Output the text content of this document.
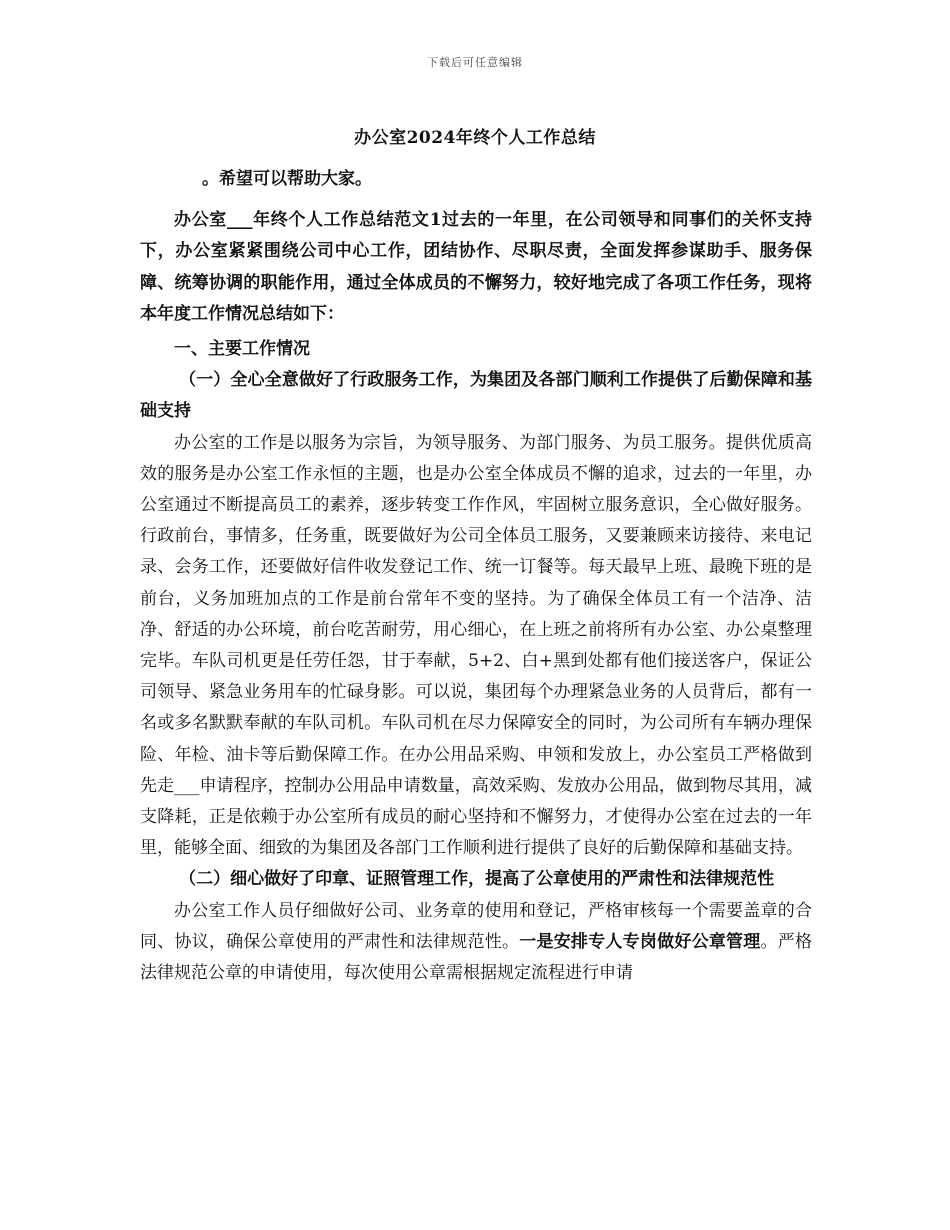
下载后可任意编辑
办公室2024年终个人工作总结

。希望可以帮助大家。

办公室___年终个人工作总结范文1过去的一年里，在公司领导和同事们的关怀支持下，办公室紧紧围绕公司中心工作，团结协作、尽职尽责，全面发挥参谋助手、服务保障、统筹协调的职能作用，通过全体成员的不懈努力，较好地完成了各项工作任务，现将本年度工作情况总结如下：

一、主要工作情况

（一）全心全意做好了行政服务工作，为集团及各部门顺利工作提供了后勤保障和基础支持

办公室的工作是以服务为宗旨，为领导服务、为部门服务、为员工服务。提供优质高效的服务是办公室工作永恒的主题，也是办公室全体成员不懈的追求，过去的一年里，办公室通过不断提高员工的素养，逐步转变工作作风，牢固树立服务意识，全心做好服务。行政前台，事情多，任务重，既要做好为公司全体员工服务，又要兼顾来访接待、来电记录、会务工作，还要做好信件收发登记工作、统一订餐等。每天最早上班、最晚下班的是前台，义务加班加点的工作是前台常年不变的坚持。为了确保全体员工有一个洁净、洁净、舒适的办公环境，前台吃苦耐劳，用心细心，在上班之前将所有办公室、办公桌整理完毕。车队司机更是任劳任怨，甘于奉献，5+2、白+黑到处都有他们接送客户，保证公司领导、紧急业务用车的忙碌身影。可以说，集团每个办理紧急业务的人员背后，都有一名或多名默默奉献的车队司机。车队司机在尽力保障安全的同时，为公司所有车辆办理保险、年检、油卡等后勤保障工作。在办公用品采购、申领和发放上，办公室员工严格做到先走___申请程序，控制办公用品申请数量，高效采购、发放办公用品，做到物尽其用，减支降耗，正是依赖于办公室所有成员的耐心坚持和不懈努力，才使得办公室在过去的一年里，能够全面、细致的为集团及各部门工作顺利进行提供了良好的后勤保障和基础支持。

（二）细心做好了印章、证照管理工作，提高了公章使用的严肃性和法律规范性

办公室工作人员仔细做好公司、业务章的使用和登记，严格审核每一个需要盖章的合同、协议，确保公章使用的严肃性和法律规范性。一是安排专人专岗做好公章管理。严格法律规范公章的申请使用，每次使用公章需根据规定流程进行申请
